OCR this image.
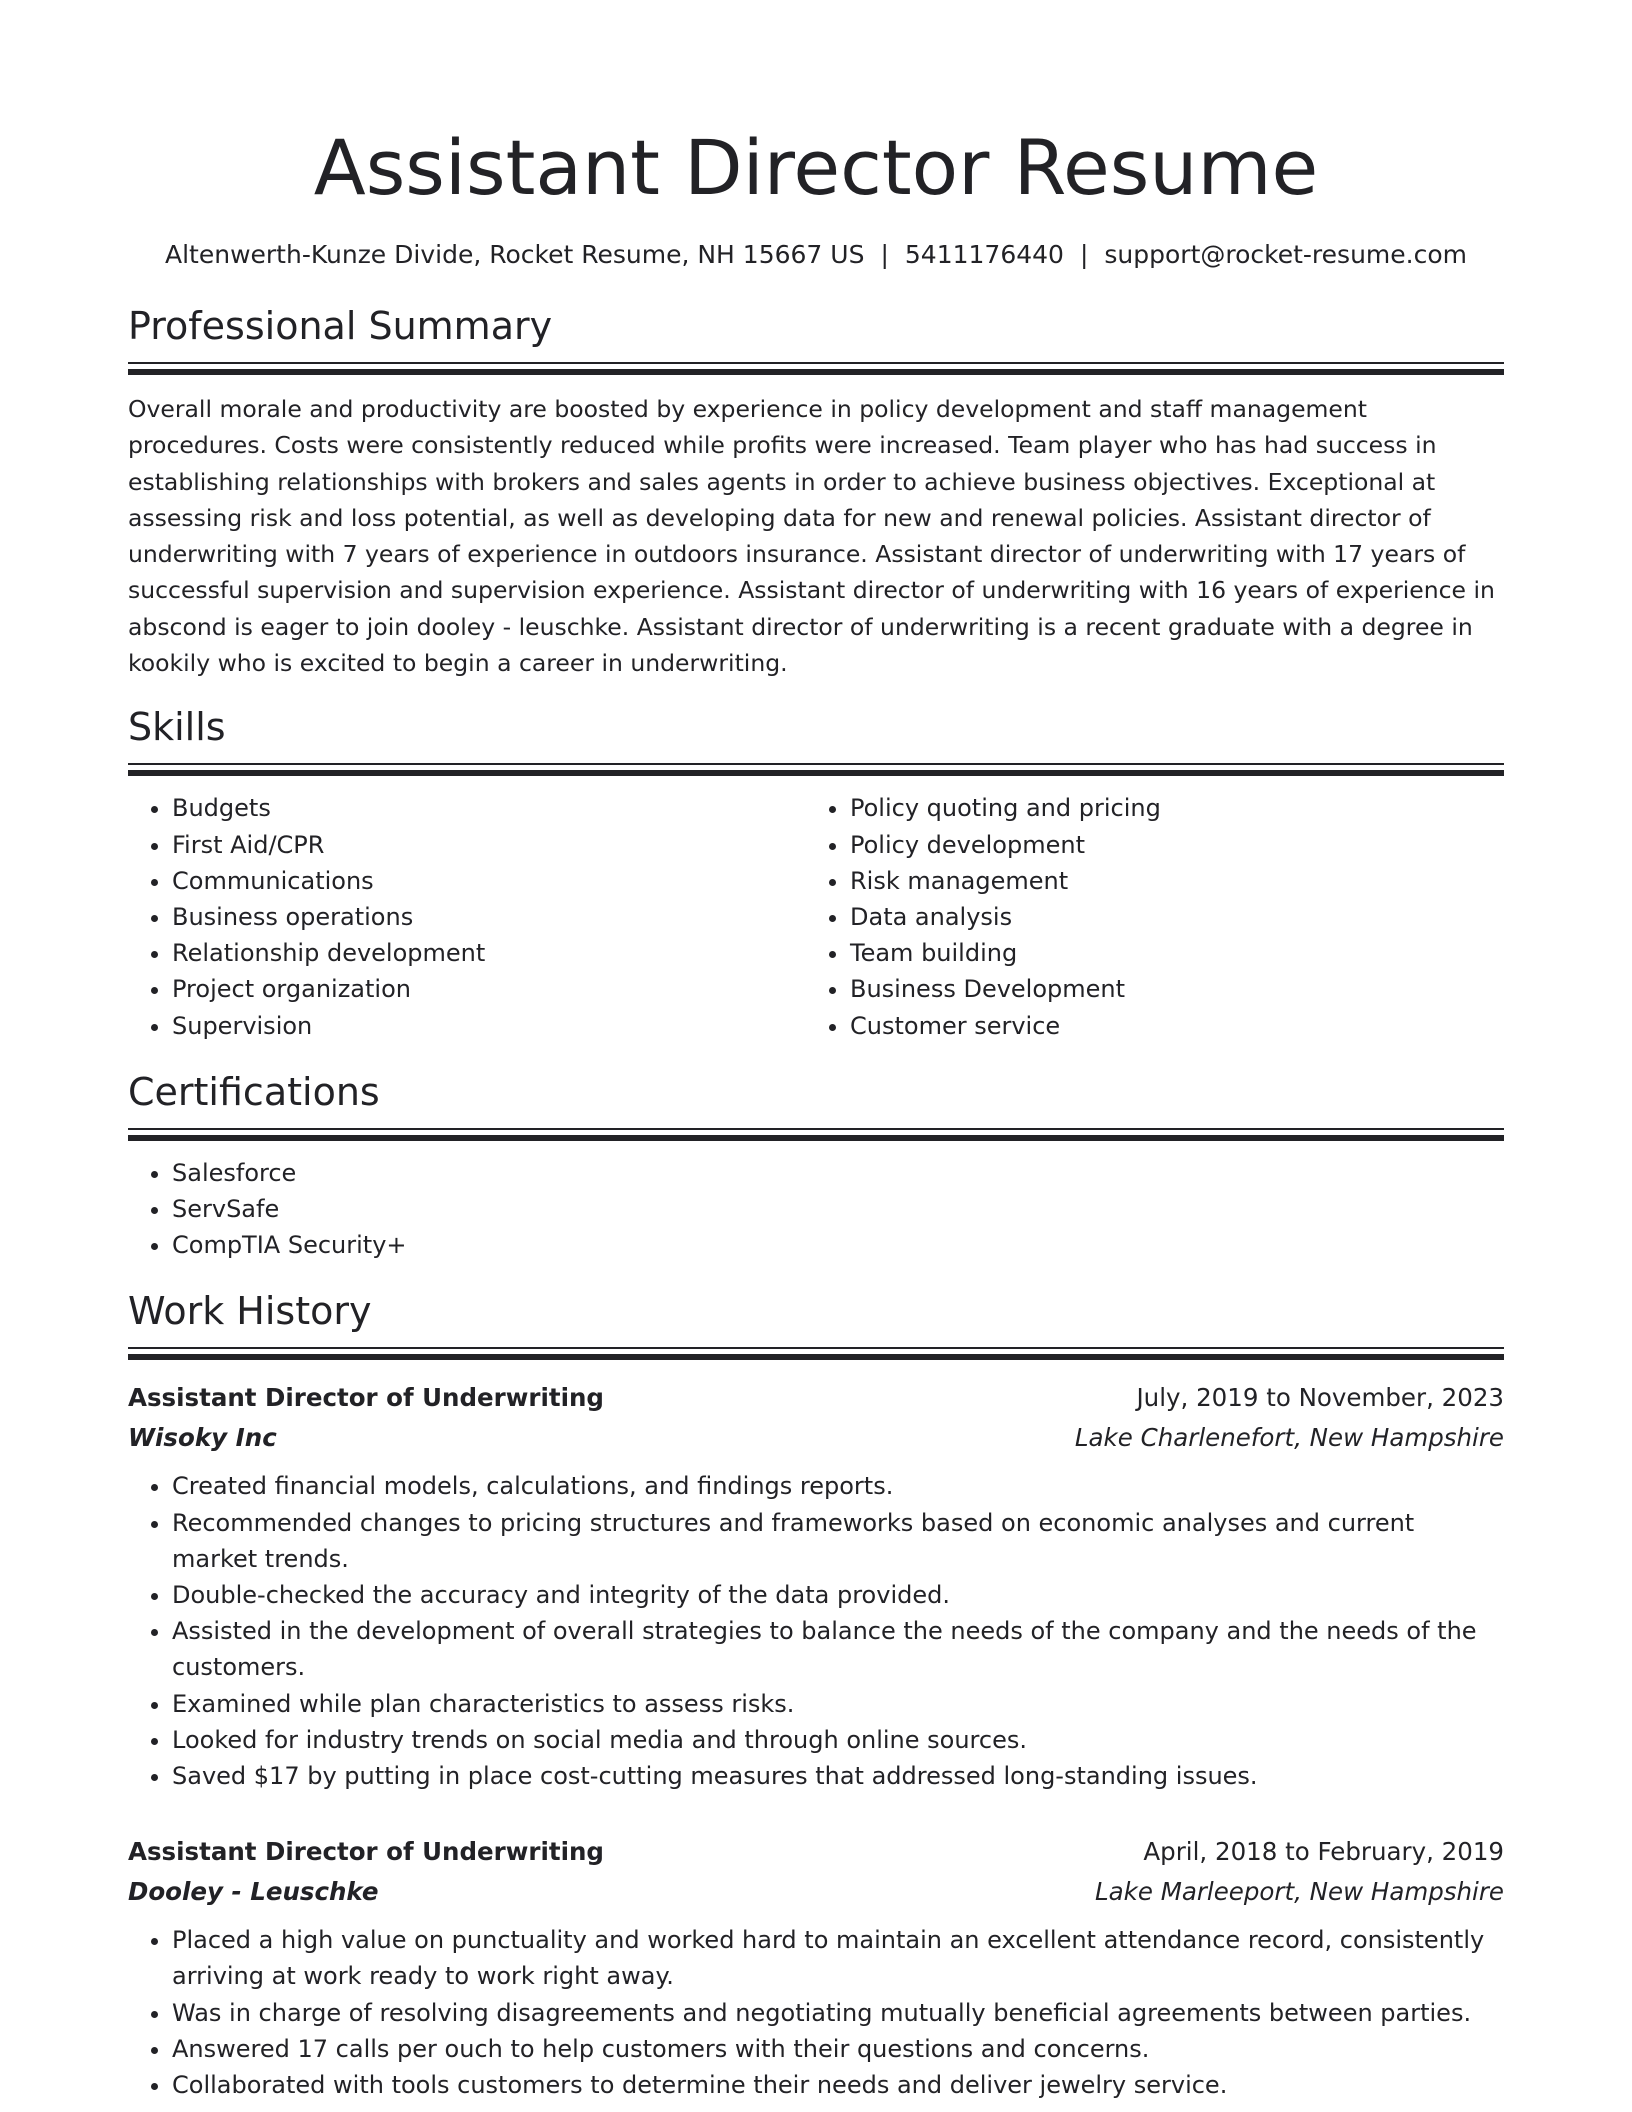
Assistant Director Resume
Altenwerth-Kunze Divide, Rocket Resume, NH 15667 US | 5411176440 | support@rocket-resume.com
Professional Summary
Overall morale and productivity are boosted by experience in policy development and staff management procedures. Costs were consistently reduced while profits were increased. Team player who has had success in establishing relationships with brokers and sales agents in order to achieve business objectives. Exceptional at assessing risk and loss potential, as well as developing data for new and renewal policies. Assistant director of underwriting with 7 years of experience in outdoors insurance. Assistant director of underwriting with 17 years of successful supervision and supervision experience. Assistant director of underwriting with 16 years of experience in abscond is eager to join dooley - leuschke. Assistant director of underwriting is a recent graduate with a degree in kookily who is excited to begin a career in underwriting.
Skills
• Budgets
• First Aid/CPR
• Communications
• Business operations
• Relationship development
• Project organization
• Supervision
• Policy quoting and pricing
• Policy development
• Risk management
• Data analysis
• Team building
• Business Development
• Customer service
Certifications
• Salesforce
• ServSafe
• CompTIA Security+
Work History
Assistant Director of Underwriting	July, 2019 to November, 2023
Wisoky Inc	Lake Charlenefort, New Hampshire
• Created financial models, calculations, and findings reports.
• Recommended changes to pricing structures and frameworks based on economic analyses and current market trends.
• Double-checked the accuracy and integrity of the data provided.
• Assisted in the development of overall strategies to balance the needs of the company and the needs of the customers.
• Examined while plan characteristics to assess risks.
• Looked for industry trends on social media and through online sources.
• Saved $17 by putting in place cost-cutting measures that addressed long-standing issues.
Assistant Director of Underwriting	April, 2018 to February, 2019
Dooley - Leuschke	Lake Marleeport, New Hampshire
• Placed a high value on punctuality and worked hard to maintain an excellent attendance record, consistently arriving at work ready to work right away.
• Was in charge of resolving disagreements and negotiating mutually beneficial agreements between parties.
• Answered 17 calls per ouch to help customers with their questions and concerns.
• Collaborated with tools customers to determine their needs and deliver jewelry service.
